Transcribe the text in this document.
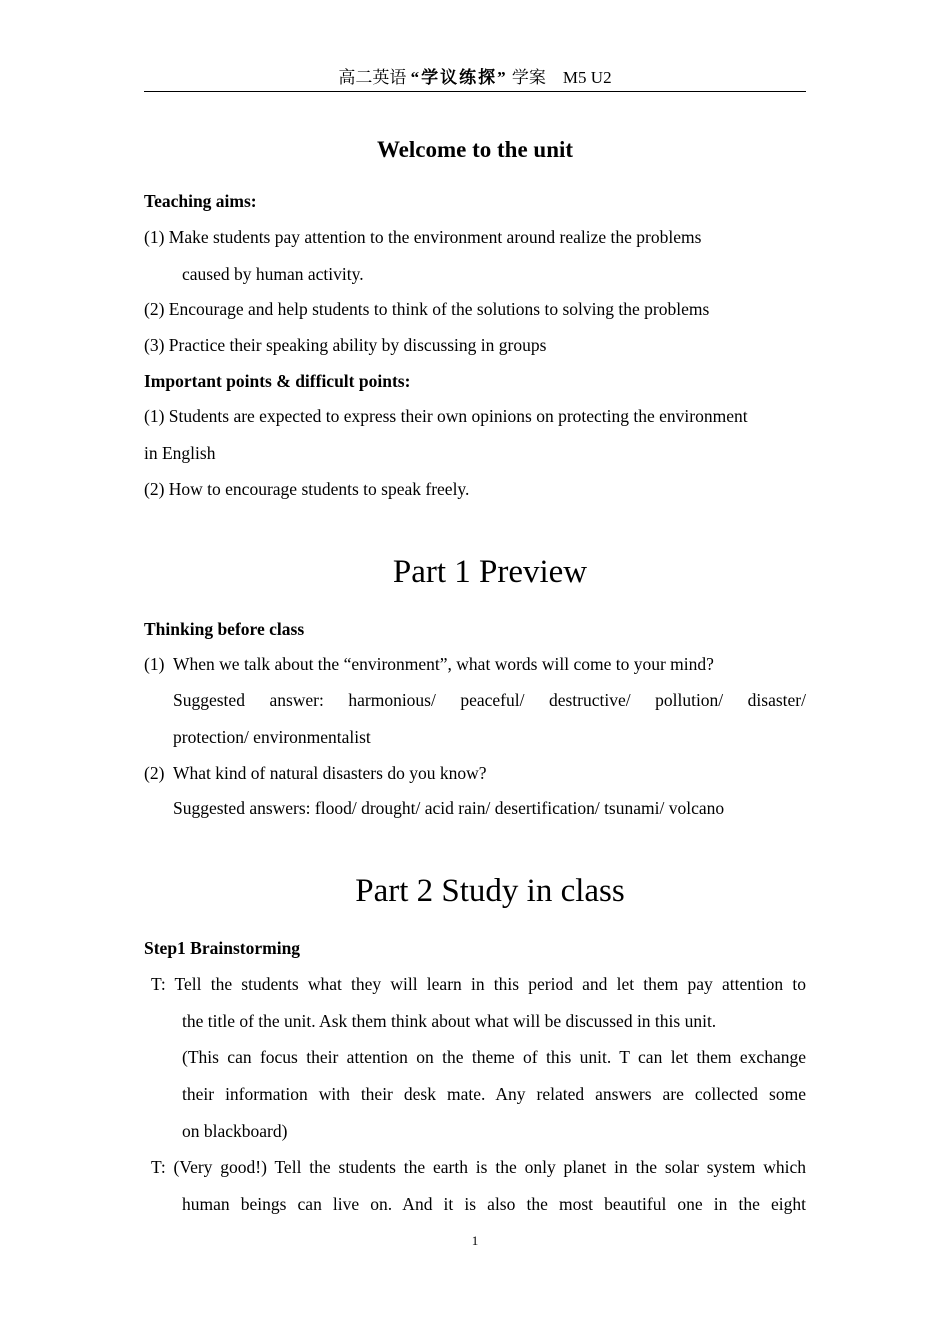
高二英语 “学议练探” 学案 M5 U2
Welcome to the unit
Teaching aims:
(1) Make students pay attention to the environment around realize the problems
caused by human activity.
(2) Encourage and help students to think of the solutions to solving the problems
(3) Practice their speaking ability by discussing in groups
Important points & difficult points:
(1) Students are expected to express their own opinions on protecting the environment
in English
(2) How to encourage students to speak freely.
Part 1 Preview
Thinking before class
(1) When we talk about the “environment”, what words will come to your mind?
Suggested answer: harmonious/ peaceful/ destructive/ pollution/ disaster/
protection/ environmentalist
(2) What kind of natural disasters do you know?
Suggested answers: flood/ drought/ acid rain/ desertification/ tsunami/ volcano
Part 2 Study in class
Step1 Brainstorming
T: Tell the students what they will learn in this period and let them pay attention to
the title of the unit. Ask them think about what will be discussed in this unit.
(This can focus their attention on the theme of this unit. T can let them exchange
their information with their desk mate. Any related answers are collected some
on blackboard)
T: (Very good!) Tell the students the earth is the only planet in the solar system which
human beings can live on. And it is also the most beautiful one in the eight
1
